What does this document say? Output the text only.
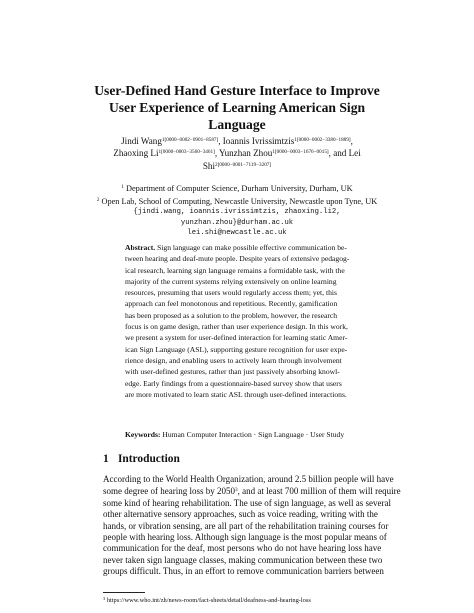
User-Defined Hand Gesture Interface to Improve
User Experience of Learning American Sign
Language
Jindi Wang$^{1[0000-0002-0901-8587]}$, Ioannis Ivrissimtzis$^{1[0000-0002-3380-1889]}$,
Zhaoxing $Li^{1[0000-0003-3560-3461]}$, Yunzhan Zhou$^{1[0000-0003-1676-0015]}$, and Lei
Shi$^{2[0000-0001-7119-3207]}$
$^1$ Department of Computer Science, Durham University, Durham, UK
$^2$ Open Lab, School of Computing, Newcastle University, Newcastle upon Tyne, UK
{jindi.wang, ioannis.ivrissimtzis, zhaoxing.li2,
yunzhan.zhou}@durham.ac.uk
lei.shi@newcastle.ac.uk
Abstract. Sign language can make possible effective communication be-
tween hearing and deaf-mute people. Despite years of extensive pedagog-
ical research, learning sign language remains a formidable task, with the
majority of the current systems relying extensively on online learning
resources, presuming that users would regularly access them; yet, this
approach can feel monotonous and repetitious. Recently, gamification
has been proposed as a solution to the problem, however, the research
focus is on game design, rather than user experience design. In this work,
we present a system for user-defined interaction for learning static Amer-
ican Sign Language (ASL), supporting gesture recognition for user expe-
rience design, and enabling users to actively learn through involvement
with user-defined gestures, rather than just passively absorbing knowl-
edge. Early findings from a questionnaire-based survey show that users
are more motivated to learn static ASL through user-defined interactions.
Keywords: Human Computer Interaction · Sign Language · User Study
1 Introduction
According to the World Health Organization, around 2.5 billion people will have
some degree of hearing loss by 2050$^3$, and at least 700 million of them will require
some kind of hearing rehabilitation. The use of sign language, as well as several
other alternative sensory approaches, such as voice reading, writing with the
hands, or vibration sensing, are all part of the rehabilitation training courses for
people with hearing loss. Although sign language is the most popular means of
communication for the deaf, most persons who do not have hearing loss have
never taken sign language classes, making communication between these two
groups difficult. Thus, in an effort to remove communication barriers between
$^3$ https://www.who.int/zh/news-room/fact-sheets/detail/deafness-and-hearing-loss
